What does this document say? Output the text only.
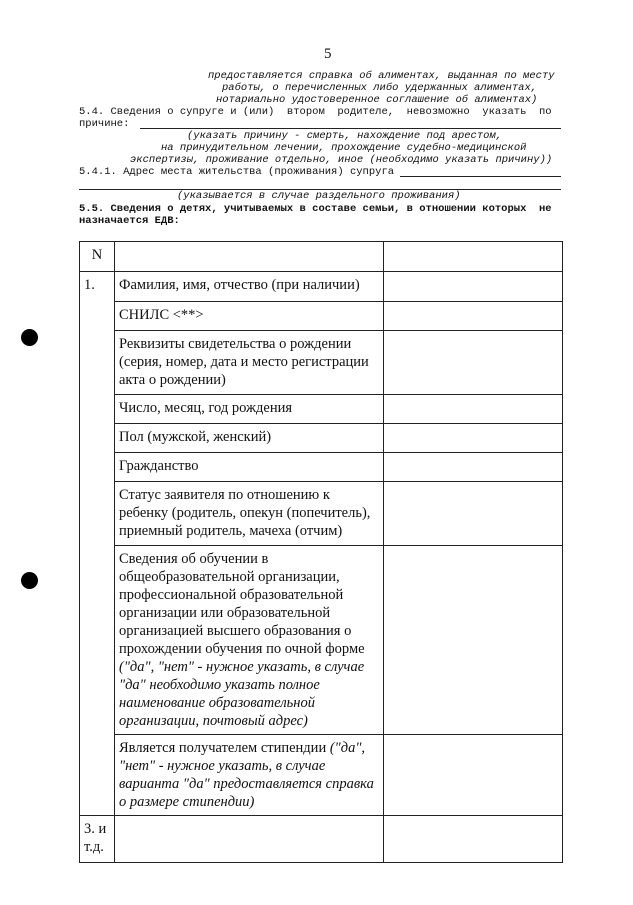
5
предоставляется справка об алиментах, выданная по месту
работы, о перечисленных либо удержанных алиментах,
нотариально удостоверенное соглашение об алиментах)
5.4. Сведения о супруге и (или)  втором  родителе,  невозможно  указать  по
причине:
(указать причину - смерть, нахождение под арестом,
на принудительном лечении, прохождение судебно-медицинской
экспертизы, проживание отдельно, иное (необходимо указать причину))
5.4.1. Адрес места жительства (проживания) супруга
(указывается в случае раздельного проживания)
5.5. Сведения о детях, учитываемых в составе семьи, в отношении которых  не
назначается ЕДВ:
N		
1.	Фамилия, имя, отчество (при наличии)	
	СНИЛС <**>	
	Реквизиты свидетельства о рождении (серия, номер, дата и место регистрации акта о рождении)	
	Число, месяц, год рождения	
	Пол (мужской, женский)	
	Гражданство	
	Статус заявителя по отношению к ребенку (родитель, опекун (попечитель), приемный родитель, мачеха (отчим)	
	Сведения об обучении в общеобразовательной организации, профессиональной образовательной организации или образовательной организацией высшего образования о прохождении обучения по очной форме ("да", "нет" - нужное указать, в случае "да" необходимо указать полное наименование образовательной организации, почтовый адрес)	
	Является получателем стипендии ("да", "нет" - нужное указать, в случае варианта "да" предоставляется справка о размере стипендии)	
3. и т.д.		
